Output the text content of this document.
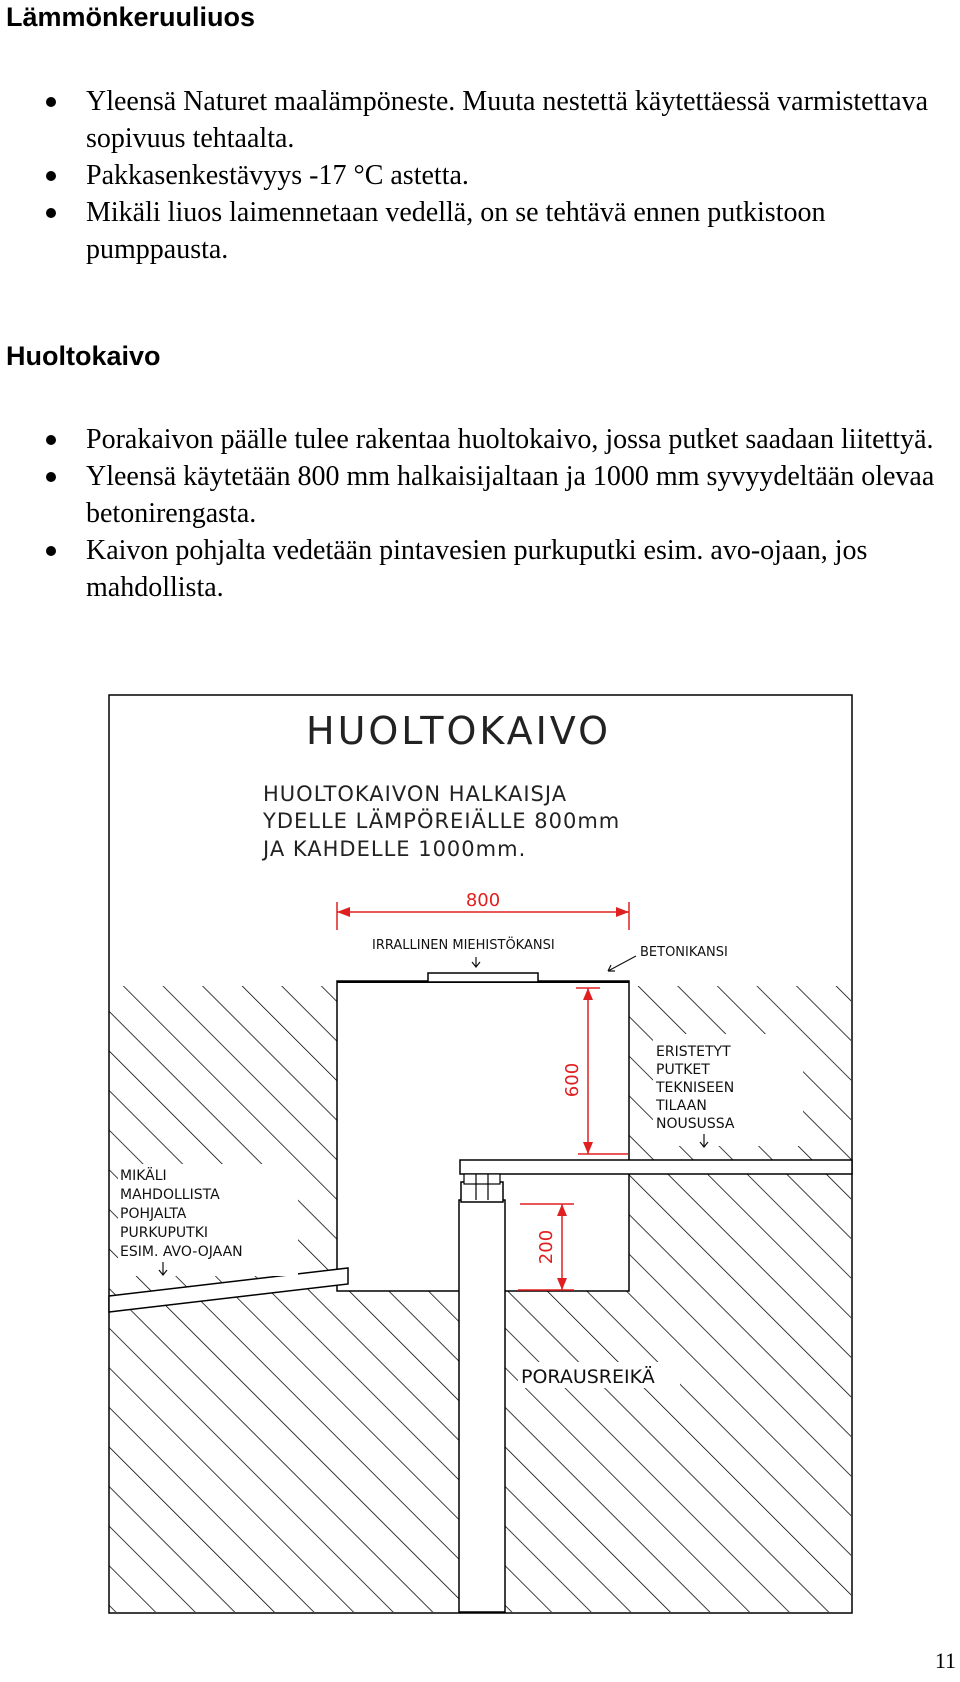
Lämmönkeruuliuos
Yleensä Naturet maalämpöneste. Muuta nestettä käytettäessä varmistettava sopivuus tehtaalta.
Pakkasenkestävyys -17 °C astetta.
Mikäli liuos laimennetaan vedellä, on se tehtävä ennen putkistoon pumppausta.
Huoltokaivo
Porakaivon päälle tulee rakentaa huoltokaivo, jossa putket saadaan liitettyä.
Yleensä käytetään 800 mm halkaisijaltaan ja 1000 mm syvyydeltään olevaa betonirengasta.
Kaivon pohjalta vedetään pintavesien purkuputki esim. avo-ojaan, jos mahdollista.
HUOLTOKAIVO
HUOLTOKAIVON HALKAISJA
YDELLE LÄMPÖREIÄLLE 800mm
JA KAHDELLE 1000mm.
800
IRRALLINEN MIEHISTÖKANSI	BETONIKANSI
600
200
ERISTETYT
PUTKET
TEKNISEEN
TILAAN
NOUSUSSA
MIKÄLI
MAHDOLLISTA
POHJALTA
PURKUPUTKI
ESIM. AVO-OJAAN
PORAUSREIKÄ
11
